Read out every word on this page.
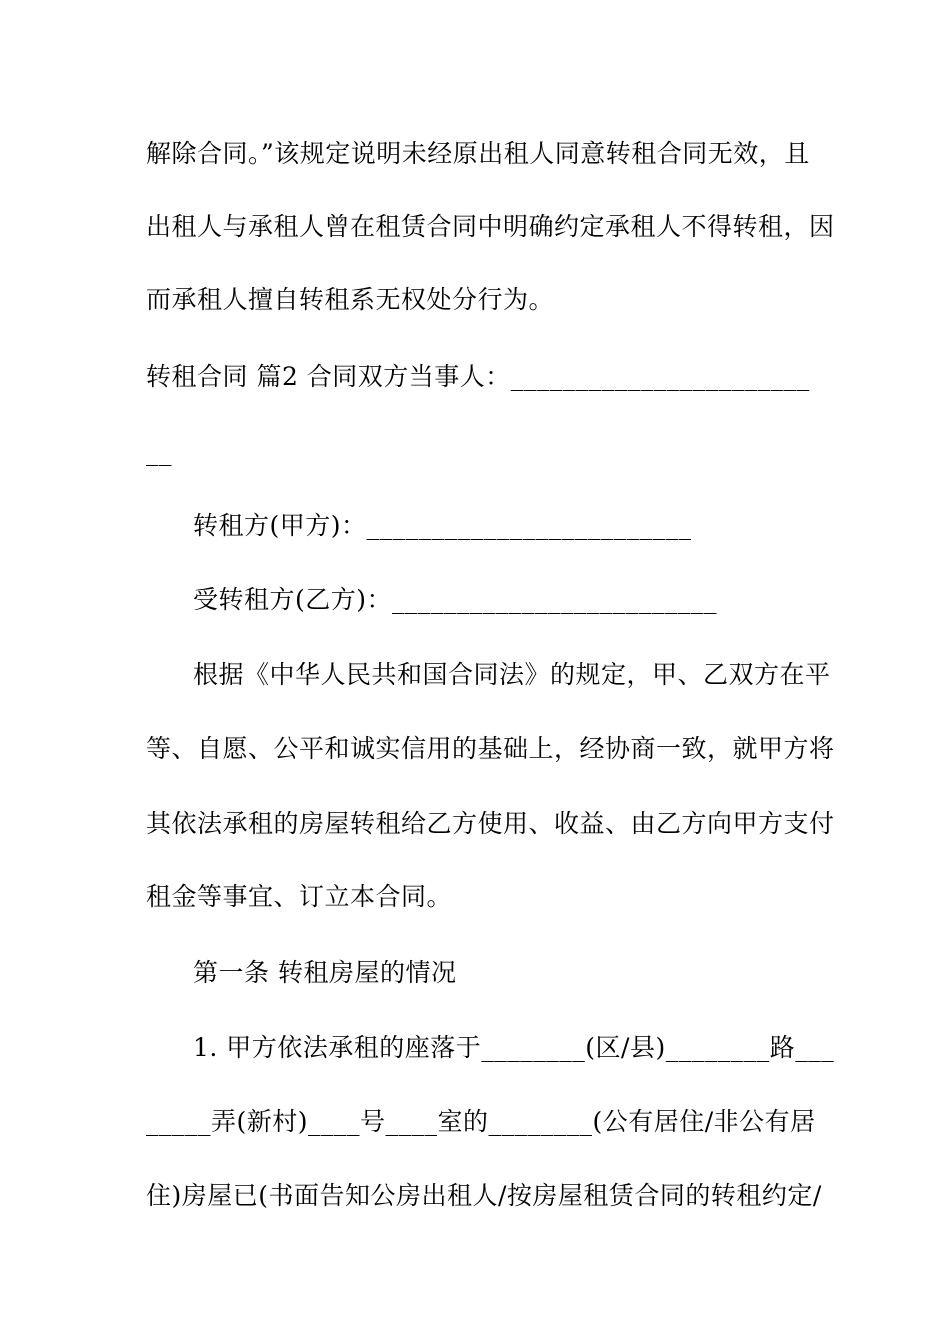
解除合同。”该规定说明未经原出租人同意转租合同无效，且
出租人与承租人曾在租赁合同中明确约定承租人不得转租，因
而承租人擅自转租系无权处分行为。
转租合同 篇2 合同双方当事人：_______________________
__
转租方(甲方)：_________________________
受转租方(乙方)：_________________________
根据《中华人民共和国合同法》的规定，甲、乙双方在平
等、自愿、公平和诚实信用的基础上，经协商一致，就甲方将
其依法承租的房屋转租给乙方使用、收益、由乙方向甲方支付
租金等事宜、订立本合同。
第一条 转租房屋的情况
1. 甲方依法承租的座落于________(区/县)________路___
_____弄(新村)____号____室的________(公有居住/非公有居
住)房屋已(书面告知公房出租人/按房屋租赁合同的转租约定/
